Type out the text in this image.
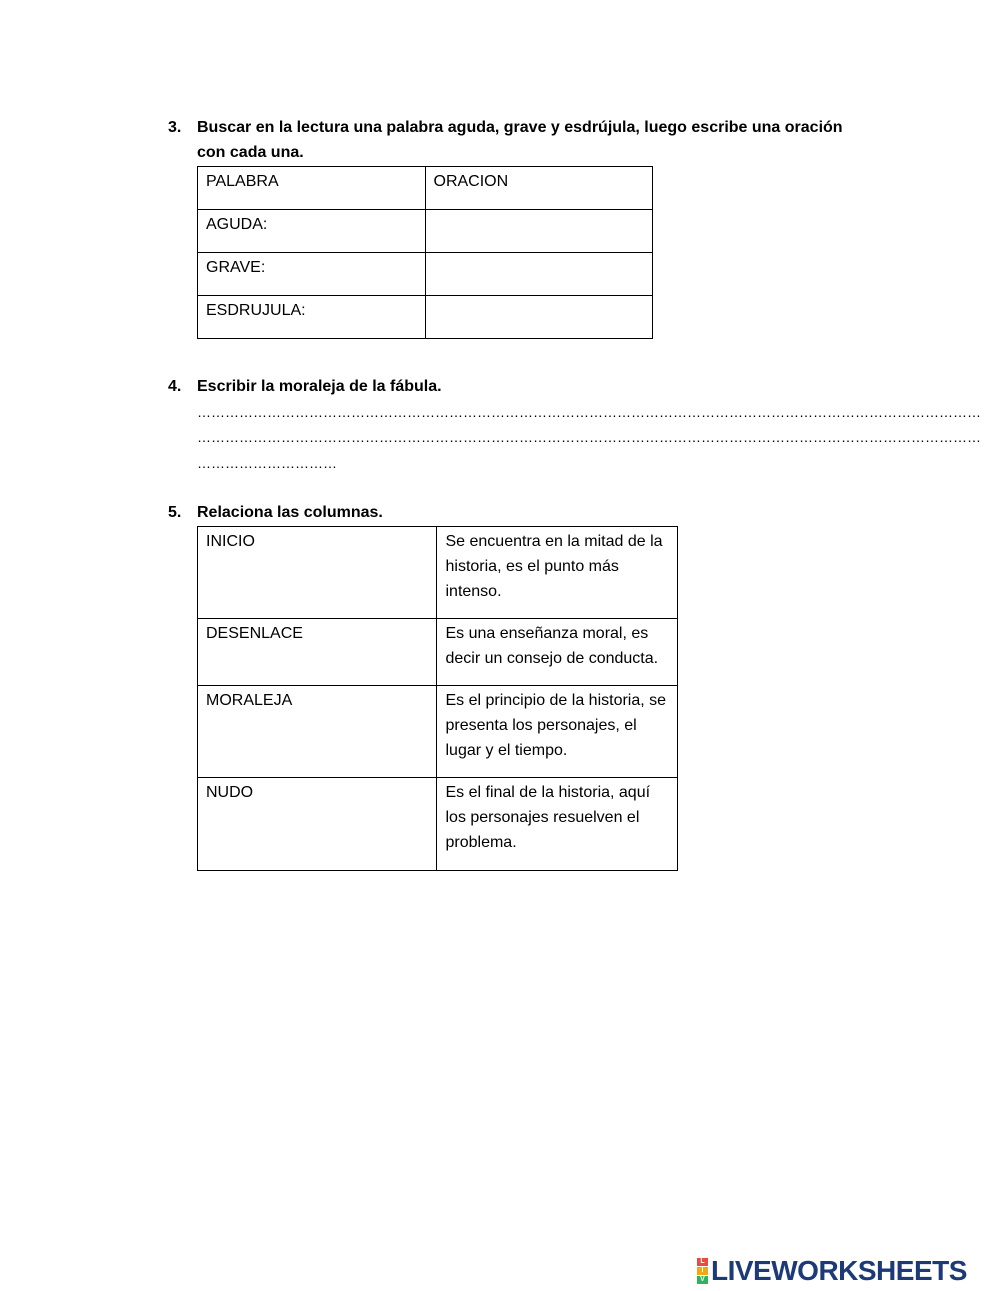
3. Buscar en la lectura una palabra aguda, grave y esdrújula, luego escribe una oración con cada una.
PALABRA	ORACION
AGUDA:	
GRAVE:	
ESDRUJULA:	
4. Escribir la moraleja de la fábula.
……………………………………………………………………………………………………………………………………………………
……………………………………………………………………………………………………………………………………………………
…………………………
5. Relaciona las columnas.
INICIO	Se encuentra en la mitad de la historia, es el punto más intenso.
DESENLACE	Es una enseñanza moral, es decir un consejo de conducta.
MORALEJA	Es el principio de la historia, se presenta los personajes, el lugar y el tiempo.
NUDO	Es el final de la historia, aquí los personajes resuelven el problema.
L
I
V LIVEWORKSHEETS
